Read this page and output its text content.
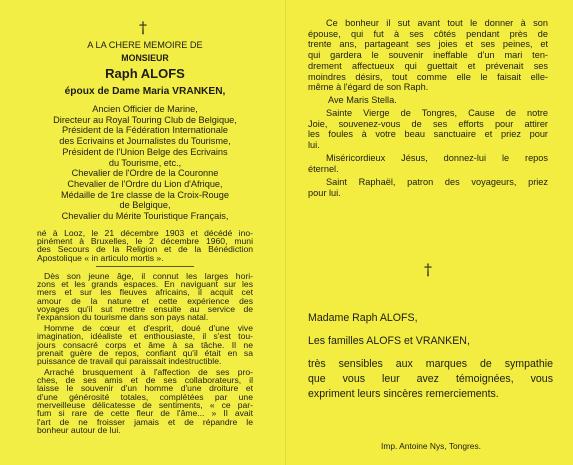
†
A LA CHERE MEMOIRE DE
MONSIEUR
Raph ALOFS
époux de Dame Maria VRANKEN,
Ancien Officier de Marine,
Directeur au Royal Touring Club de Belgique,
Président de la Fédération Internationale
des Ecrivains et Journalistes du Tourisme,
Président de l'Union Belge des Ecrivains
du Tourisme, etc.,
Chevalier de l'Ordre de la Couronne
Chevalier de l'Ordre du Lion d'Afrique,
Médaille de 1re classe de la Croix-Rouge
de Belgique,
Chevalier du Mérite Touristique Français,
né à Looz, le 21 décembre 1903 et décédé ino-
pinément à Bruxelles, le 2 décembre 1960, muni
des Secours de la Religion et de la Bénédiction
Apostolique « in articulo mortis ».
Dès son jeune âge, il connut les larges hori-
zons et les grands espaces. En naviguant sur les
mers et sur les fleuves africains, il acquit cet
amour de la nature et cette expérience des
voyages qu'il sut mettre ensuite au service de
l'expansion du tourisme dans son pays natal.
Homme de cœur et d'esprit, doué d'une vive
imagination, idéaliste et enthousiaste, il s'est tou-
jours consacré corps et âme à sa tâche. Il ne
prenait guère de repos, confiant qu'il était en sa
puissance de travail qui paraissait indestructible.
Arraché brusquement à l'affection de ses pro-
ches, de ses amis et de ses collaborateurs, il
laisse le souvenir d'un homme d'une droiture et
d'une générosité totales, complétées par une
merveilleuse délicatesse de sentiments, « ce par-
fum si rare de cette fleur de l'âme... » Il avait
l'art de ne froisser jamais et de répandre le
bonheur autour de lui.
Ce bonheur il sut avant tout le donner à son
épouse, qui fut à ses côtés pendant près de
trente ans, partageant ses joies et ses peines, et
qui gardera le souvenir ineffable d'un mari ten-
drement affectueux qui guettait et prévenait ses
moindres désirs, tout comme elle le faisait elle-
même à l'égard de son Raph.
Ave Maris Stella.
Sainte Vierge de Tongres, Cause de notre
Joie, souvenez-vous de ses efforts pour attirer
les foules à votre beau sanctuaire et priez pour
lui.
Miséricordieux Jésus, donnez-lui le repos
éternel.
Saint Raphaël, patron des voyageurs, priez
pour lui.
†
Madame Raph ALOFS,
Les familles ALOFS et VRANKEN,
très sensibles aux marques de sympathie
que vous leur avez témoignées, vous
expriment leurs sincères remerciements.
Imp. Antoine Nys, Tongres.
